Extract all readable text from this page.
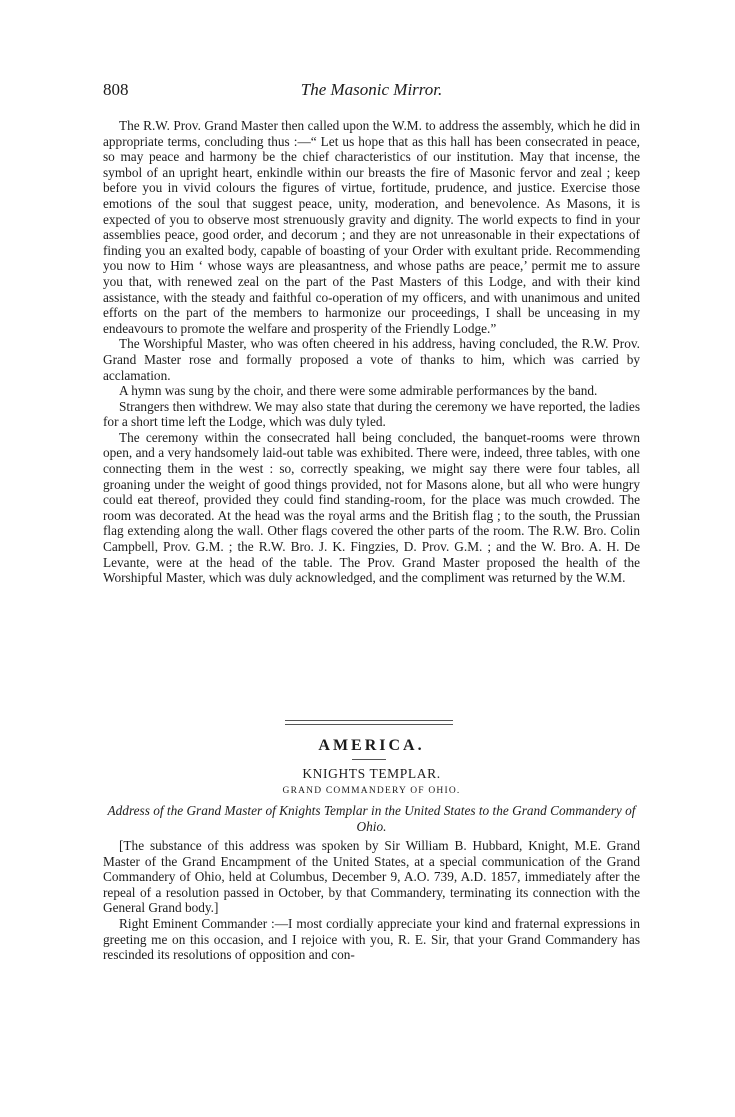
808	The Masonic Mirror.

The R.W. Prov. Grand Master then called upon the W.M. to address the assembly, which he did in appropriate terms, concluding thus :—“ Let us hope that as this hall has been consecrated in peace, so may peace and harmony be the chief characteristics of our institution. May that incense, the symbol of an upright heart, enkindle within our breasts the fire of Masonic fervor and zeal ; keep before you in vivid colours the figures of virtue, fortitude, prudence, and justice. Exercise those emotions of the soul that suggest peace, unity, moderation, and benevolence. As Masons, it is expected of you to observe most strenuously gravity and dignity. The world expects to find in your assemblies peace, good order, and decorum ; and they are not unreasonable in their expectations of finding you an exalted body, capable of boasting of your Order with exultant pride. Recommending you now to Him ‘ whose ways are pleasantness, and whose paths are peace,’ permit me to assure you that, with renewed zeal on the part of the Past Masters of this Lodge, and with their kind assistance, with the steady and faithful co-operation of my officers, and with unanimous and united efforts on the part of the members to harmonize our proceedings, I shall be unceasing in my endeavours to promote the welfare and prosperity of the Friendly Lodge.”

The Worshipful Master, who was often cheered in his address, having concluded, the R.W. Prov. Grand Master rose and formally proposed a vote of thanks to him, which was carried by acclamation.

A hymn was sung by the choir, and there were some admirable performances by the band.

Strangers then withdrew. We may also state that during the ceremony we have reported, the ladies for a short time left the Lodge, which was duly tyled.

The ceremony within the consecrated hall being concluded, the banquet-rooms were thrown open, and a very handsomely laid-out table was exhibited. There were, indeed, three tables, with one connecting them in the west : so, correctly speaking, we might say there were four tables, all groaning under the weight of good things provided, not for Masons alone, but all who were hungry could eat thereof, provided they could find standing-room, for the place was much crowded. The room was decorated. At the head was the royal arms and the British flag ; to the south, the Prussian flag extending along the wall. Other flags covered the other parts of the room. The R.W. Bro. Colin Campbell, Prov. G.M. ; the R.W. Bro. J. K. Fingzies, D. Prov. G.M. ; and the W. Bro. A. H. De Levante, were at the head of the table. The Prov. Grand Master proposed the health of the Worshipful Master, which was duly acknowledged, and the compliment was returned by the W.M.

AMERICA.
KNIGHTS TEMPLAR.
GRAND COMMANDERY OF OHIO.
Address of the Grand Master of Knights Templar in the United States to the Grand Commandery of Ohio.

[The substance of this address was spoken by Sir William B. Hubbard, Knight, M.E. Grand Master of the Grand Encampment of the United States, at a special communication of the Grand Commandery of Ohio, held at Columbus, December 9, A.O. 739, A.D. 1857, immediately after the repeal of a resolution passed in October, by that Commandery, terminating its connection with the General Grand body.]

Right Eminent Commander :—I most cordially appreciate your kind and fraternal expressions in greeting me on this occasion, and I rejoice with you, R. E. Sir, that your Grand Commandery has rescinded its resolutions of opposition and con-
